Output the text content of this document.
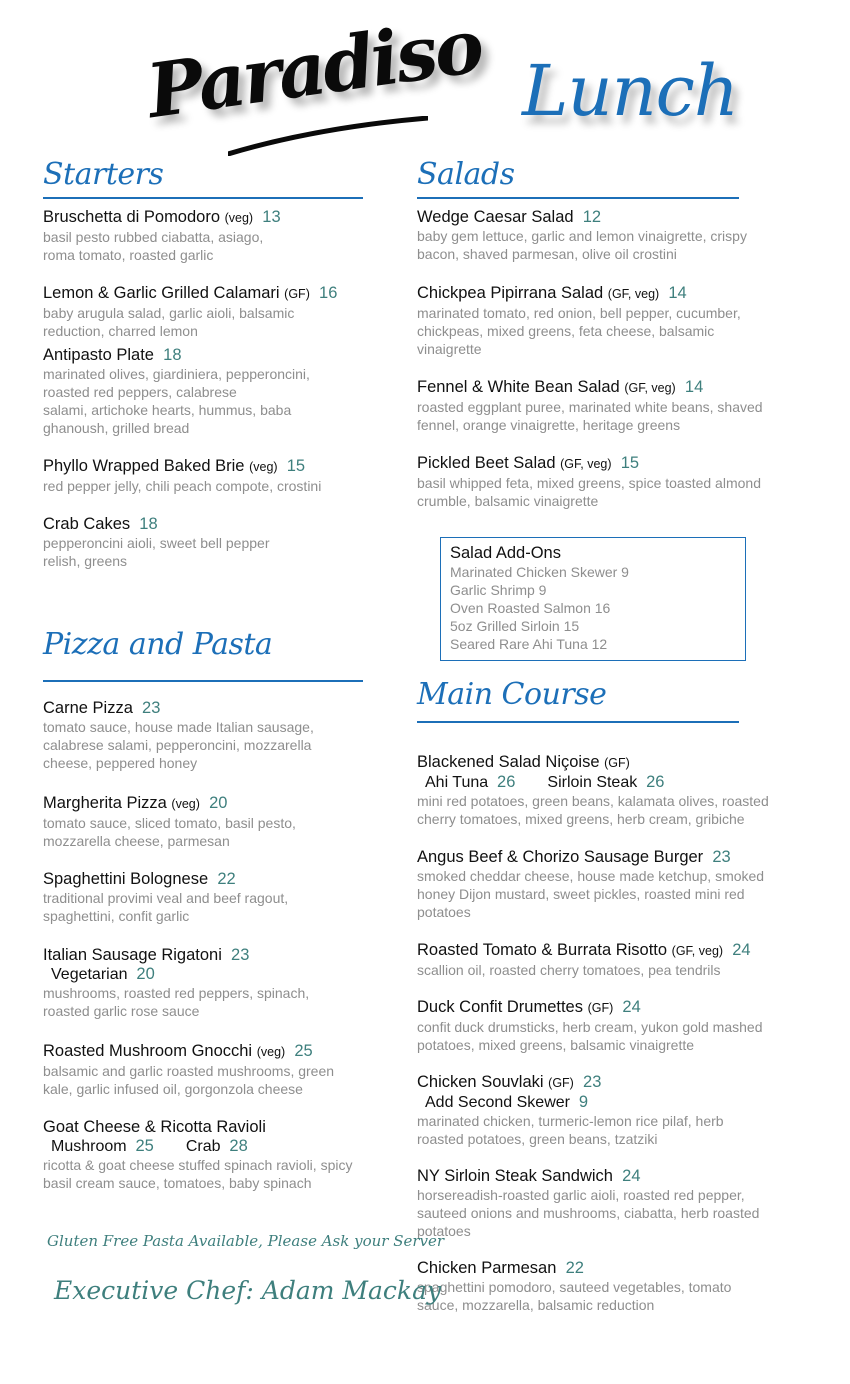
Paradiso Lunch
Starters
Bruschetta di Pomodoro (veg) 13
basil pesto rubbed ciabatta, asiago,
roma tomato, roasted garlic
Lemon & Garlic Grilled Calamari (GF) 16
baby arugula salad, garlic aioli, balsamic
reduction, charred lemon
Antipasto Plate 18
marinated olives, giardiniera, pepperoncini,
roasted red peppers, calabrese
salami, artichoke hearts, hummus, baba
ghanoush, grilled bread
Phyllo Wrapped Baked Brie (veg) 15
red pepper jelly, chili peach compote, crostini
Crab Cakes 18
pepperoncini aioli, sweet bell pepper
relish, greens
Pizza and Pasta
Carne Pizza 23
tomato sauce, house made Italian sausage,
calabrese salami, pepperoncini, mozzarella
cheese, peppered honey
Margherita Pizza (veg) 20
tomato sauce, sliced tomato, basil pesto,
mozzarella cheese, parmesan
Spaghettini Bolognese 22
traditional provimi veal and beef ragout,
spaghettini, confit garlic
Italian Sausage Rigatoni 23
Vegetarian 20
mushrooms, roasted red peppers, spinach,
roasted garlic rose sauce
Roasted Mushroom Gnocchi (veg) 25
balsamic and garlic roasted mushrooms, green
kale, garlic infused oil, gorgonzola cheese
Goat Cheese & Ricotta Ravioli
Mushroom 25 Crab 28
ricotta & goat cheese stuffed spinach ravioli, spicy
basil cream sauce, tomatoes, baby spinach
Salads
Wedge Caesar Salad 12
baby gem lettuce, garlic and lemon vinaigrette, crispy
bacon, shaved parmesan, olive oil crostini
Chickpea Pipirrana Salad (GF, veg) 14
marinated tomato, red onion, bell pepper, cucumber,
chickpeas, mixed greens, feta cheese, balsamic
vinaigrette
Fennel & White Bean Salad (GF, veg) 14
roasted eggplant puree, marinated white beans, shaved
fennel, orange vinaigrette, heritage greens
Pickled Beet Salad (GF, veg) 15
basil whipped feta, mixed greens, spice toasted almond
crumble, balsamic vinaigrette
Main Course
Blackened Salad Niçoise (GF)
Ahi Tuna 26 Sirloin Steak 26
mini red potatoes, green beans, kalamata olives, roasted
cherry tomatoes, mixed greens, herb cream, gribiche
Angus Beef & Chorizo Sausage Burger 23
smoked cheddar cheese, house made ketchup, smoked
honey Dijon mustard, sweet pickles, roasted mini red
potatoes
Roasted Tomato & Burrata Risotto (GF, veg) 24
scallion oil, roasted cherry tomatoes, pea tendrils
Duck Confit Drumettes (GF) 24
confit duck drumsticks, herb cream, yukon gold mashed
potatoes, mixed greens, balsamic vinaigrette
Chicken Souvlaki (GF) 23
Add Second Skewer 9
marinated chicken, turmeric-lemon rice pilaf, herb
roasted potatoes, green beans, tzatziki
NY Sirloin Steak Sandwich 24
horsereadish-roasted garlic aioli, roasted red pepper,
sauteed onions and mushrooms, ciabatta, herb roasted
potatoes
Chicken Parmesan 22
spaghettini pomodoro, sauteed vegetables, tomato
sauce, mozzarella, balsamic reduction
Salad Add-Ons
Marinated Chicken Skewer 9
Garlic Shrimp 9
Oven Roasted Salmon 16
5oz Grilled Sirloin 15
Seared Rare Ahi Tuna 12
Gluten Free Pasta Available, Please Ask your Server
Executive Chef: Adam Mackay
